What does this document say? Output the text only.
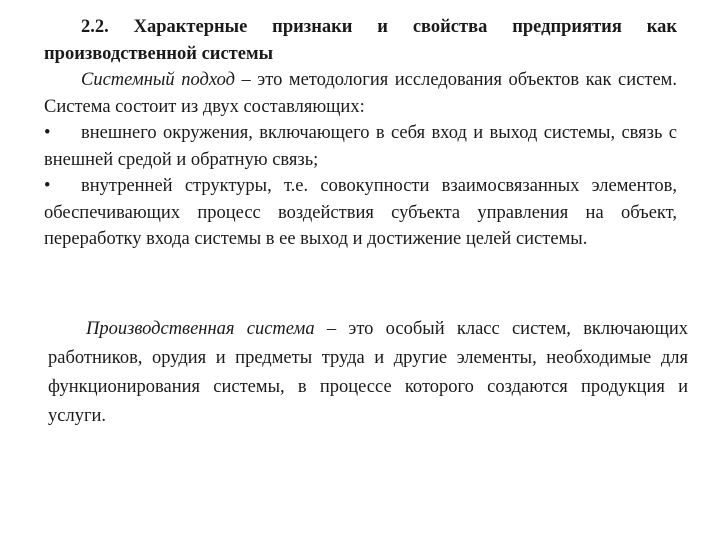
2.2. Характерные признаки и свойства предприятия как производственной системы

Системный подход – это методология исследования объектов как систем. Система состоит из двух составляющих:

• внешнего окружения, включающего в себя вход и выход системы, связь с внешней средой и обратную связь;

• внутренней структуры, т.е. совокупности взаимосвязанных элементов, обеспечивающих процесс воздействия субъекта управления на объект, переработку входа системы в ее выход и достижение целей системы.

Производственная система – это особый класс систем, включающих работников, орудия и предметы труда и другие элементы, необходимые для функционирования системы, в процессе которого создаются продукция и услуги.
